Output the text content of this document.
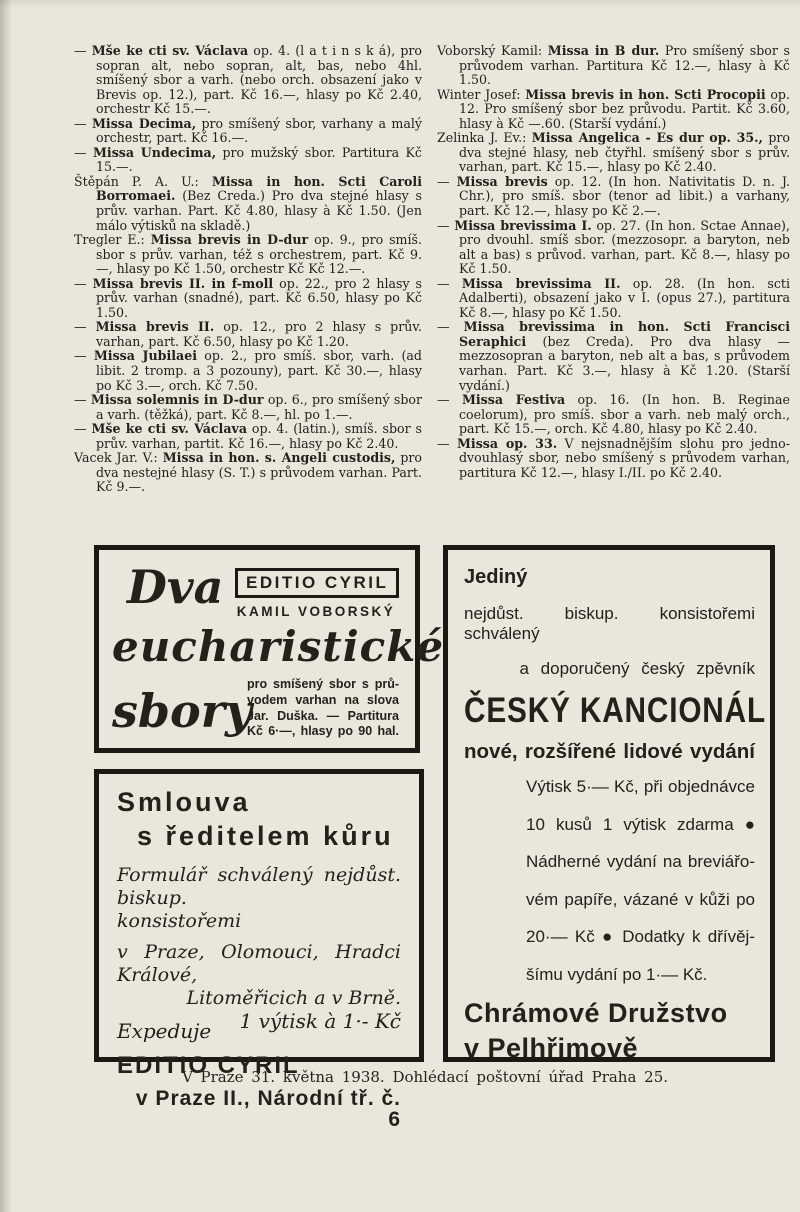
— Mše ke cti sv. Václava op. 4. (l a t i n s k á), pro sopran alt, nebo sopran, alt, bas, nebo 4hl. smíšený sbor a varh. (nebo orch. obsazení jako v Brevis op. 12.), part. Kč 16.—, hlasy po Kč 2.40, orchestr Kč 15.—.

— Missa Decima, pro smíšený sbor, varhany a malý orchestr, part. Kč 16.—.

— Missa Undecima, pro mužský sbor. Partitura Kč 15.—.

Štěpán P. A. U.: Missa in hon. Scti Caroli Borromaei. (Bez Creda.) Pro dva stejné hlasy s prův. varhan. Part. Kč 4.80, hlasy à Kč 1.50. (Jen málo výtisků na skladě.)

Tregler E.: Missa brevis in D-dur op. 9., pro smíš. sbor s prův. varhan, též s orchestrem, part. Kč 9.—, hlasy po Kč 1.50, orchestr Kč Kč 12.—.

— Missa brevis II. in f-moll op. 22., pro 2 hlasy s prův. varhan (snadné), part. Kč 6.50, hlasy po Kč 1.50.

— Missa brevis II. op. 12., pro 2 hlasy s prův. varhan, part. Kč 6.50, hlasy po Kč 1.20.

— Missa Jubilaei op. 2., pro smíš. sbor, varh. (ad libit. 2 tromp. a 3 pozouny), part. Kč 30.—, hlasy po Kč 3.—, orch. Kč 7.50.

— Missa solemnis in D-dur op. 6., pro smíšený sbor a varh. (těžká), part. Kč 8.—, hl. po 1.—.

— Mše ke cti sv. Václava op. 4. (latin.), smíš. sbor s prův. varhan, partit. Kč 16.—, hlasy po Kč 2.40.

Vacek Jar. V.: Missa in hon. s. Angeli custodis, pro dva nestejné hlasy (S. T.) s průvodem varhan. Part. Kč 9.—.

Voborský Kamil: Missa in B dur. Pro smíšený sbor s průvodem varhan. Partitura Kč 12.—, hlasy à Kč 1.50.

Winter Josef: Missa brevis in hon. Scti Procopii op. 12. Pro smíšený sbor bez průvodu. Partit. Kč 3.60, hlasy à Kč —.60. (Starší vydání.)

Zelinka J. Ev.: Missa Angelica - Es dur op. 35., pro dva stejné hlasy, neb čtyřhl. smíšený sbor s prův. varhan, part. Kč 15.—, hlasy po Kč 2.40.

— Missa brevis op. 12. (In hon. Nativitatis D. n. J. Chr.), pro smíš. sbor (tenor ad libit.) a varhany, part. Kč 12.—, hlasy po Kč 2.—.

— Missa brevissima I. op. 27. (In hon. Sctae Annae), pro dvouhl. smíš sbor. (mezzosopr. a baryton, neb alt a bas) s průvod. varhan, part. Kč 8.—, hlasy po Kč 1.50.

— Missa brevissima II. op. 28. (In hon. scti Adalberti), obsazení jako v I. (opus 27.), partitura Kč 8.—, hlasy po Kč 1.50.

— Missa brevissima in hon. Scti Francisci Seraphici (bez Creda). Pro dva hlasy — mezzosopran a baryton, neb alt a bas, s průvodem varhan. Part. Kč 3.—, hlasy à Kč 1.20. (Starší vydání.)

— Missa Festiva op. 16. (In hon. B. Reginae coelorum), pro smíš. sbor a varh. neb malý orch., part. Kč 15.—, orch. Kč 4.80, hlasy po Kč 2.40.

— Missa op. 33. V nejsnadnějším slohu pro jedno- dvouhlasý sbor, nebo smíšený s průvodem varhan, partitura Kč 12.—, hlasy I./II. po Kč 2.40.

Dva	EDITIO CYRIL
KAMIL VOBORSKÝ
eucharistické
sbory
pro smíšený sbor s prů-
vodem varhan na slova
Jar. Duška. — Partitura
Kč 6·—, hlasy po 90 hal.
Smlouva
s ředitelem kůru
Formulář schválený nejdůst. biskup.
konsistořemi
v Praze, Olomouci, Hradci Králové,
Litoměřicich a v Brně.
Expeduje 1 výtisk à 1·- Kč
EDITIO CYRIL
v Praze II., Národní tř. č. 6
Jediný
nejdůst. biskup. konsistořemi schválený
a doporučený český zpěvník
ČESKÝ KANCIONÁL
nové, rozšířené lidové vydání
Výtisk 5·— Kč, při objednávce
10 kusů 1 výtisk zdarma ●
Nádherné vydání na breviářo-
vém papíře, vázané v kůži po
20·— Kč ● Dodatky k dřívěj-
šímu vydání po 1·— Kč.
Chrámové Družstvo
v Pelhřimově
V Praze 31. května 1938. Dohlédací poštovní úřad Praha 25.
